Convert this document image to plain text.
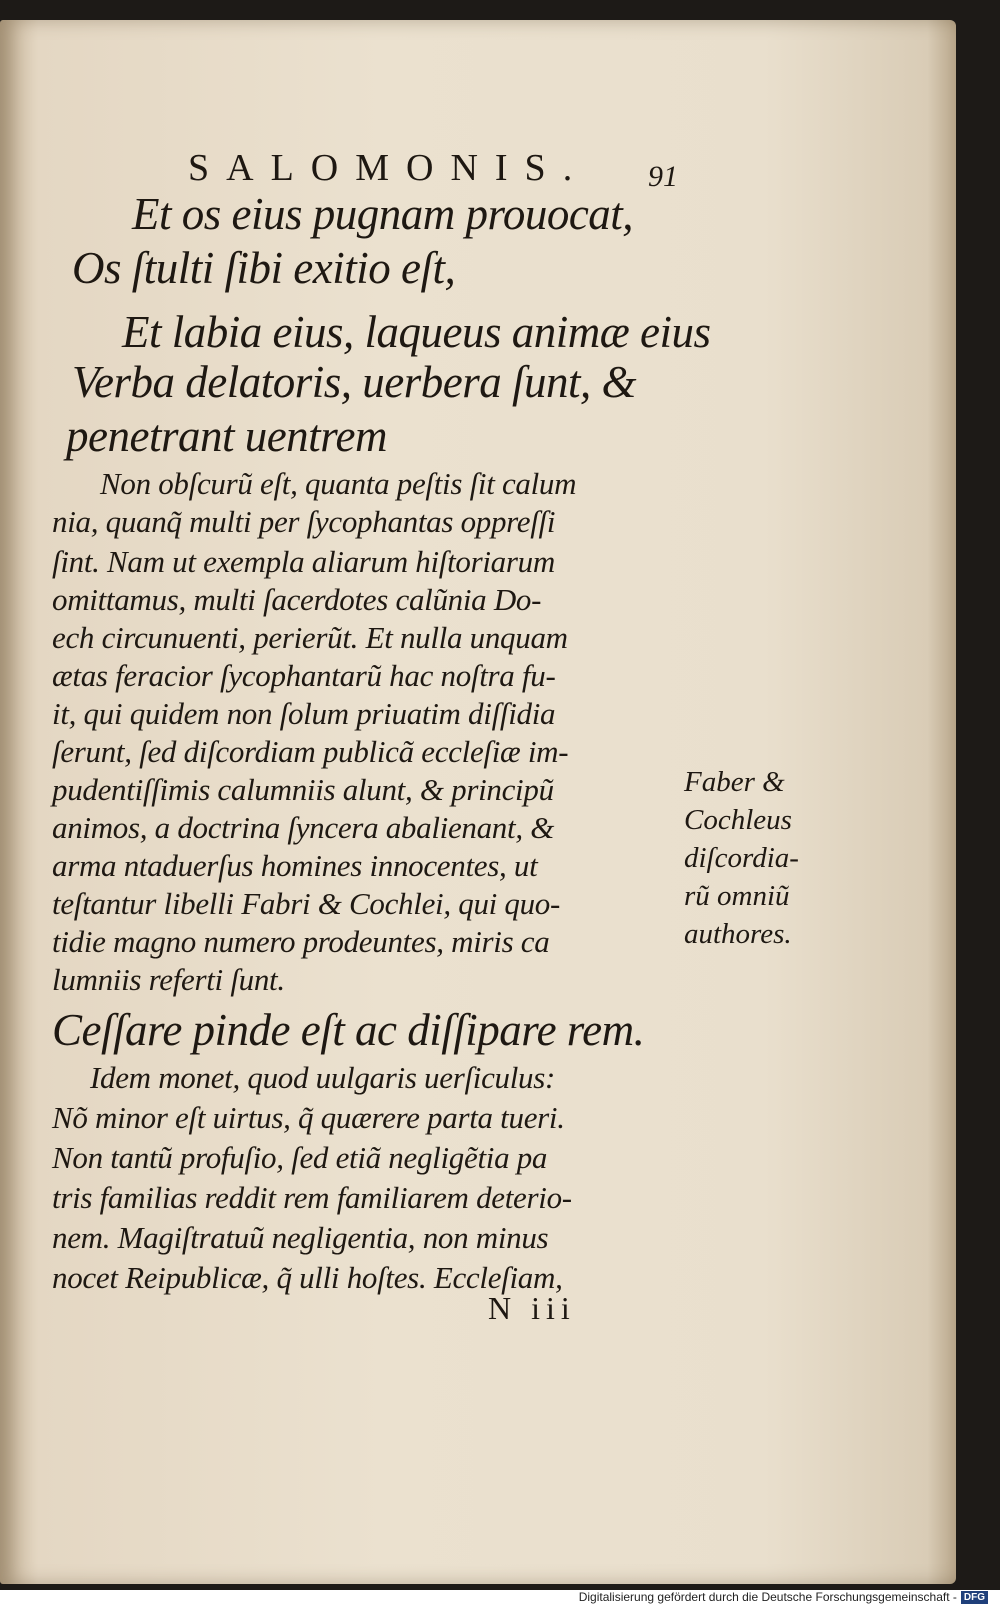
SALOMONIS. 91
Et os eius pugnam prouocat,
Os ſtulti ſibi exitio eſt,
Et labia eius, laqueus animæ eius
Verba delatoris, uerbera ſunt, &
penetrant uentrem
Non obſcurũ eſt, quanta peſtis ſit calum
nia, quanq̃ multi per ſycophantas oppreſſi
ſint. Nam ut exempla aliarum hiſtoriarum
omittamus, multi ſacerdotes calũnia Do-
ech circunuenti, perierũt. Et nulla unquam
ætas feracior ſycophantarũ hac noſtra fu-
it, qui quidem non ſolum priuatim diſſidia
ſerunt, ſed diſcordiam publicã eccleſiæ im-
pudentiſſimis calumniis alunt, & principũ
animos, a doctrina ſyncera abalienant, &
arma ntaduerſus homines innocentes, ut
teſtantur libelli Fabri & Cochlei, qui quo-
tidie magno numero prodeuntes, miris ca
lumniis referti ſunt.
Faber &
Cochleus
diſcordia-
rũ omniũ
authores.
Ceſſare pinde eſt ac diſſipare rem.
Idem monet, quod uulgaris uerſiculus:
Nõ minor eſt uirtus, q̃ quærere parta tueri.
Non tantũ profuſio, ſed etiã negligẽtia pa
tris familias reddit rem familiarem deterio-
nem. Magiſtratuũ negligentia, non minus
nocet Reipublicæ, q̃ ulli hoſtes. Eccleſiam,
N iii
Digitalisierung gefördert durch die Deutsche Forschungsgemeinschaft - DFG
